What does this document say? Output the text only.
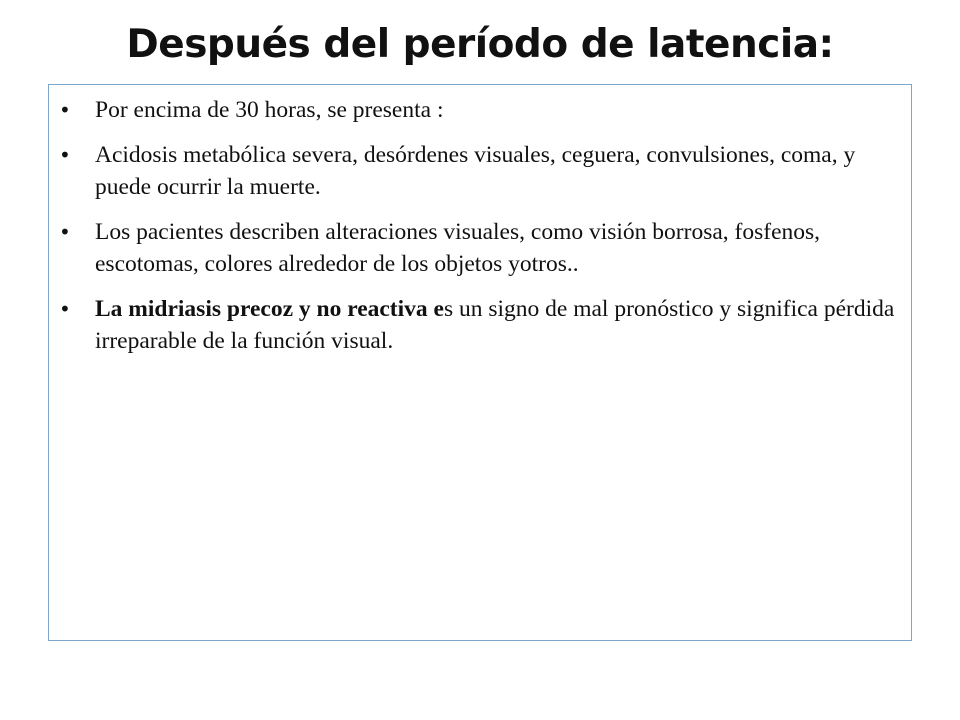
Después del período de latencia:
• Por encima de 30 horas, se presenta :
• Acidosis metabólica severa, desórdenes visuales, ceguera, convulsiones, coma, y puede ocurrir la muerte.
• Los pacientes describen alteraciones visuales, como visión borrosa, fosfenos, escotomas, colores alrededor de los objetos yotros..
• La midriasis precoz y no reactiva es un signo de mal pronóstico y significa pérdida irreparable de la función visual.
